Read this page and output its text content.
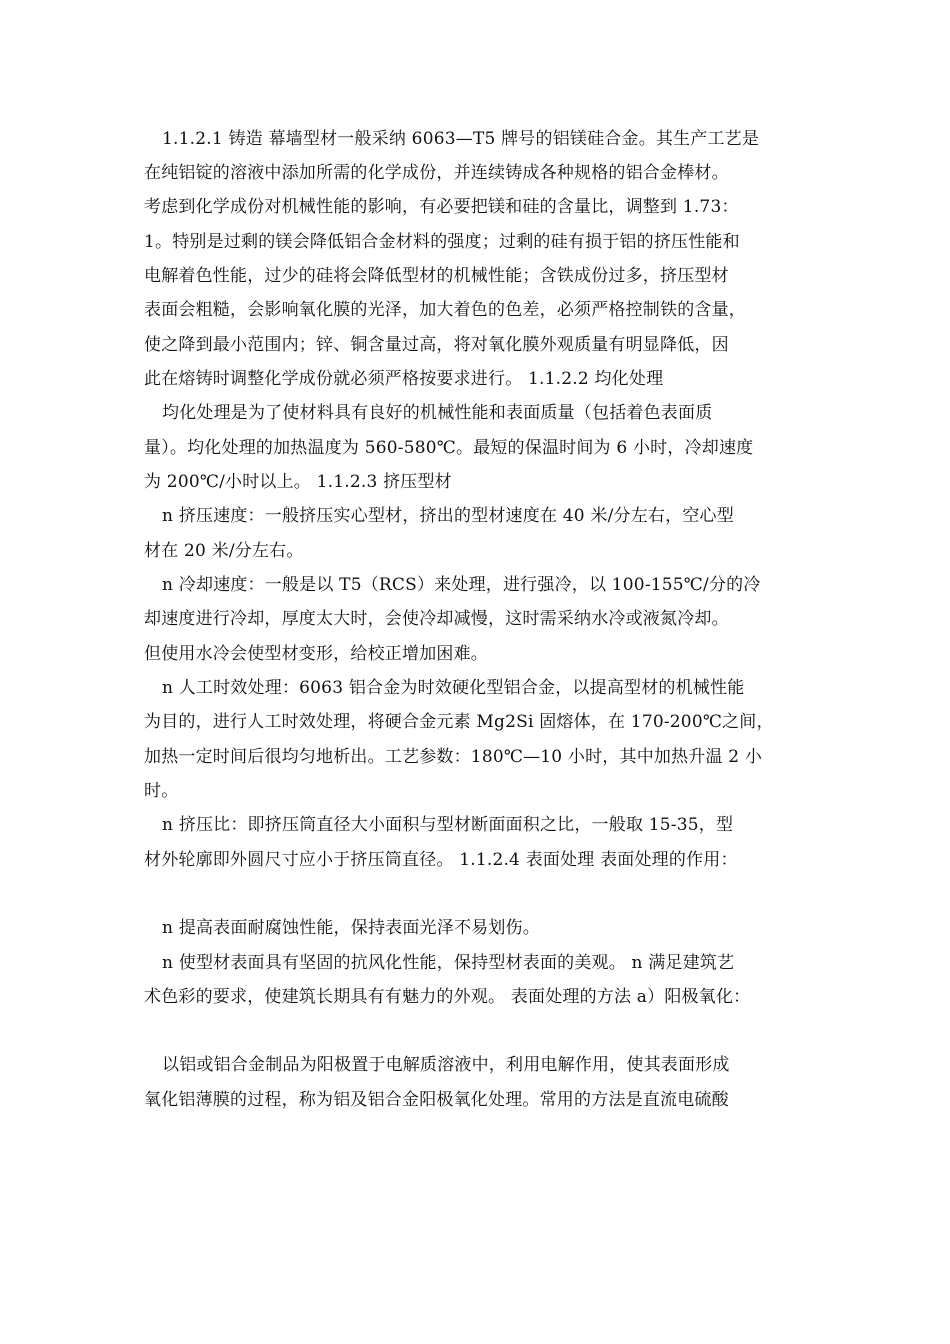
1.1.2.1 铸造 幕墙型材一般采纳 6063—T5 牌号的铝镁硅合金。其生产工艺是
在纯铝锭的溶液中添加所需的化学成份，并连续铸成各种规格的铝合金棒材。
考虑到化学成份对机械性能的影响，有必要把镁和硅的含量比，调整到 1.73：
1。特别是过剩的镁会降低铝合金材料的强度；过剩的硅有损于铝的挤压性能和
电解着色性能，过少的硅将会降低型材的机械性能；含铁成份过多，挤压型材
表面会粗糙，会影响氧化膜的光泽，加大着色的色差，必须严格控制铁的含量，
使之降到最小范围内；锌、铜含量过高，将对氧化膜外观质量有明显降低，因
此在熔铸时调整化学成份就必须严格按要求进行。 1.1.2.2 均化处理
均化处理是为了使材料具有良好的机械性能和表面质量（包括着色表面质
量）。均化处理的加热温度为 560-580℃。最短的保温时间为 6 小时，冷却速度
为 200℃/小时以上。 1.1.2.3 挤压型材
n 挤压速度：一般挤压实心型材，挤出的型材速度在 40 米/分左右，空心型
材在 20 米/分左右。
n 冷却速度：一般是以 T5（RCS）来处理，进行强冷，以 100-155℃/分的冷
却速度进行冷却，厚度太大时，会使冷却减慢，这时需采纳水冷或液氮冷却。
但使用水冷会使型材变形，给校正增加困难。
n 人工时效处理：6063 铝合金为时效硬化型铝合金，以提高型材的机械性能
为目的，进行人工时效处理，将硬合金元素 Mg2Si 固熔体，在 170-200℃之间，
加热一定时间后很均匀地析出。工艺参数：180℃—10 小时，其中加热升温 2 小
时。
n 挤压比：即挤压筒直径大小面积与型材断面面积之比，一般取 15-35，型
材外轮廓即外圆尺寸应小于挤压筒直径。 1.1.2.4 表面处理 表面处理的作用：
n 提高表面耐腐蚀性能，保持表面光泽不易划伤。
n 使型材表面具有坚固的抗风化性能，保持型材表面的美观。 n 满足建筑艺
术色彩的要求，使建筑长期具有有魅力的外观。 表面处理的方法 a）阳极氧化：
以铝或铝合金制品为阳极置于电解质溶液中，利用电解作用，使其表面形成
氧化铝薄膜的过程，称为铝及铝合金阳极氧化处理。常用的方法是直流电硫酸
